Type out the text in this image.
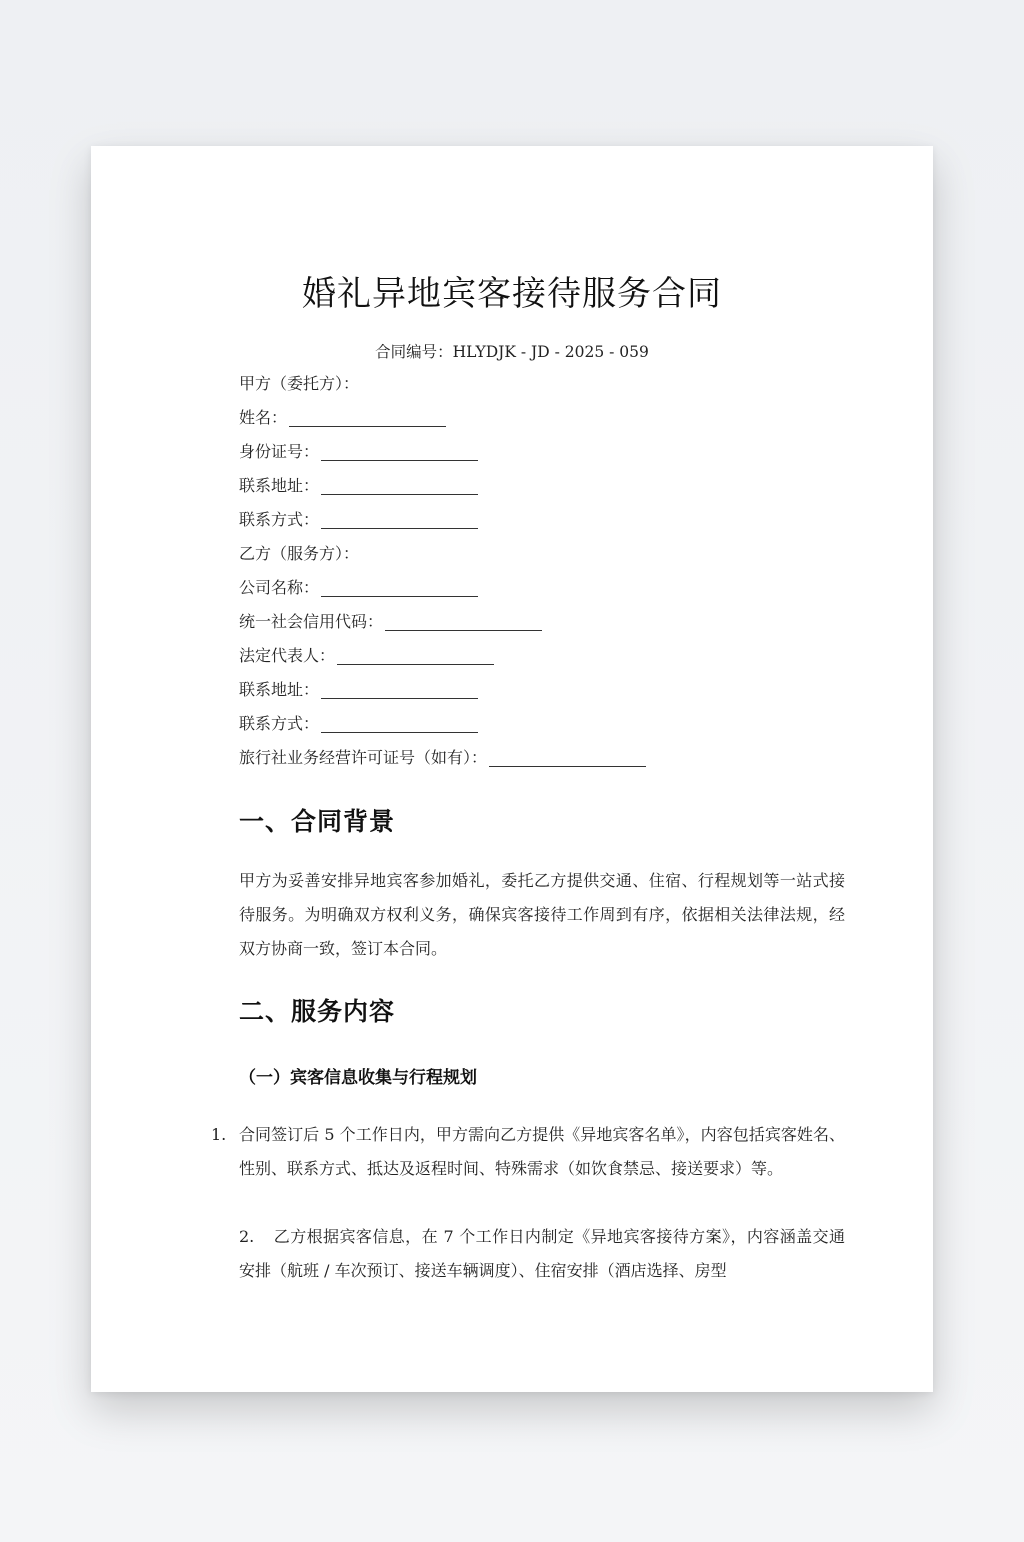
婚礼异地宾客接待服务合同
合同编号：HLYDJK - JD - 2025 - 059
甲方（委托方）：
姓名：
身份证号：
联系地址：
联系方式：
乙方（服务方）：
公司名称：
统一社会信用代码：
法定代表人：
联系地址：
联系方式：
旅行社业务经营许可证号（如有）：
一、合同背景
甲方为妥善安排异地宾客参加婚礼，委托乙方提供交通、住宿、行程规划等一站式接待服务。为明确双方权利义务，确保宾客接待工作周到有序，依据相关法律法规，经双方协商一致，签订本合同。
二、服务内容
（一）宾客信息收集与行程规划
1. 合同签订后 5 个工作日内，甲方需向乙方提供《异地宾客名单》，内容包括宾客姓名、性别、联系方式、抵达及返程时间、特殊需求（如饮食禁忌、接送要求）等。
2. 乙方根据宾客信息，在 7 个工作日内制定《异地宾客接待方案》，内容涵盖交通安排（航班 / 车次预订、接送车辆调度）、住宿安排（酒店选择、房型
